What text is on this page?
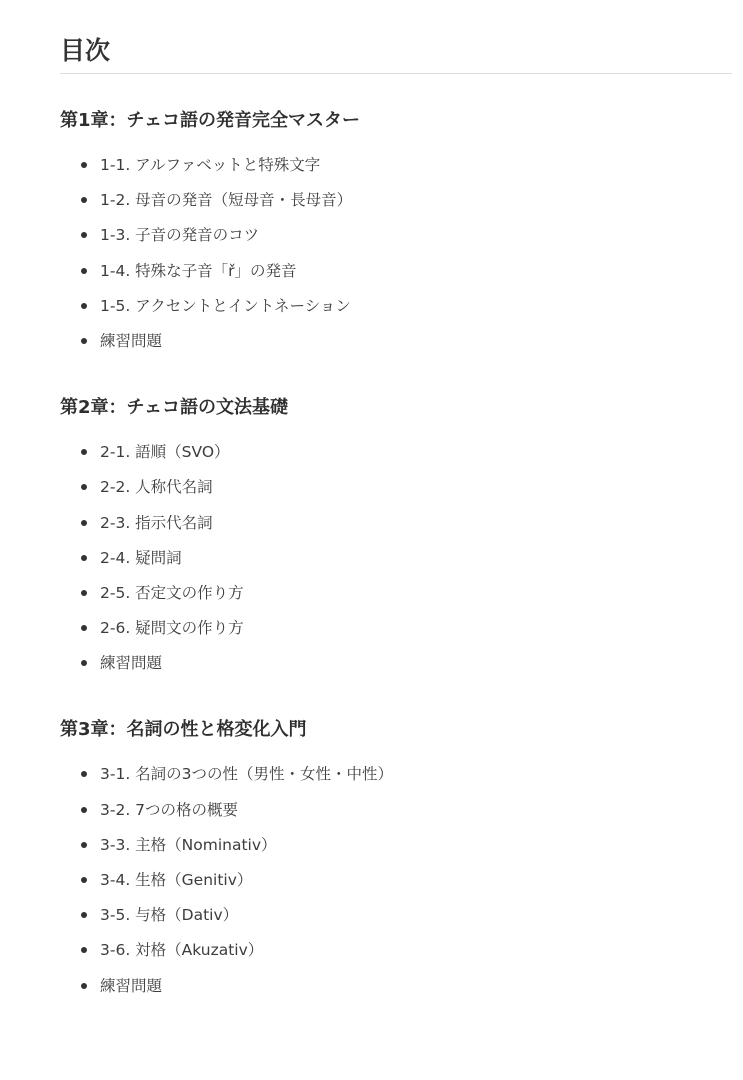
目次
第1章：チェコ語の発音完全マスター
1-1. アルファベットと特殊文字
1-2. 母音の発音（短母音・長母音）
1-3. 子音の発音のコツ
1-4. 特殊な子音「ř」の発音
1-5. アクセントとイントネーション
練習問題
第2章：チェコ語の文法基礎
2-1. 語順（SVO）
2-2. 人称代名詞
2-3. 指示代名詞
2-4. 疑問詞
2-5. 否定文の作り方
2-6. 疑問文の作り方
練習問題
第3章：名詞の性と格変化入門
3-1. 名詞の3つの性（男性・女性・中性）
3-2. 7つの格の概要
3-3. 主格（Nominativ）
3-4. 生格（Genitiv）
3-5. 与格（Dativ）
3-6. 対格（Akuzativ）
練習問題
